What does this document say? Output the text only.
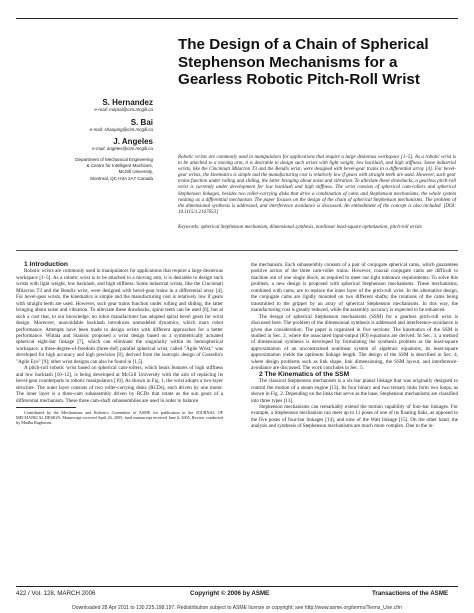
The Design of a Chain of Spherical Stephenson Mechanisms for a Gearless Robotic Pitch-Roll Wrist
S. Hernandez
e-mail: meptal@cim.mcgill.ca
S. Bai
e-mail: shaoping@cim.mcgill.ca
J. Angeles
e-mail: angeles@cim.mcgill.ca
Department of Mechanical Engineering
& Centre for Intelligent Machines,
McGill University,
Montreal, QC H3A 2A7 Canada
Robotic wrists are commonly used in manipulators for applications that require a large dexterous workspace [1–5]. As a robotic wrist is to be attached to a moving arm, it is desirable to design such wrists with light weight, low backlash, and high stiffness. Some industrial wrists, like the Cincinnati Milacron T3 and the Bendix wrist, were designed with bevel-gear trains in a differential array [4]. For bevel-gear wrists, the kinematics is simple and the manufacturing cost is relatively low if gears with straight teeth are used. However, such gear trains function under rolling and sliding, the latter bringing about noise and vibration. To alleviate these drawbacks, a gearless pitch-roll wrist is currently under development for low backlash and high stiffness. The wrist consists of spherical cam-rollers and spherical Stephenson linkages, besides two roller-carrying disks that drive a combination of cams and Stephenson mechanisms, the whole system rotating as a differential mechanism. The paper focuses on the design of the chain of spherical Stephenson mechanisms. The problem of the dimensional synthesis is addressed, and interference avoidance is discussed. An embodiment of the concept is also included. [DOI: 10.1115/1.2167653]
Keywords: spherical Stephenson mechanism, dimensional synthesis, nonlinear least-square optimization, pitch-roll wrists

1 Introduction

Robotic wrists are commonly used in manipulators for applications that require a large dexterous workspace [1–5]. As a robotic wrist is to be attached to a moving arm, it is desirable to design such wrists with light weight, low backlash, and high stiffness. Some industrial wrists, like the Cincinnati Milacron T3 and the Bendix wrist, were designed with bevel-gear trains in a differential array [4]. For bevel-gear wrists, the kinematics is simple and the manufacturing cost is relatively low if gears with straight teeth are used. However, such gear trains function under rolling and sliding, the latter bringing about noise and vibration. To alleviate these drawbacks, spiral teeth can be used [6], but at such a cost that, to our knowledge, no robot manufacturer has adopted spiral bevel gears for wrist design. Moreover, unavoidable backlash introduces unmodeled dynamics, which mars robot performance. Attempts have been made to design wrists with different approaches for a better performance. Wiitala and Stanisic proposed a wrist design based on a symmetrically actuated spherical eight-bar linkage [7], which can eliminate the singularity within its hemispherical workspace; a three-degree-of-freedom (three-dof) parallel spherical wrist, called "Agile Wrist," was developed for high accuracy and high precision [8], derived from the isotropic design of Gosselin's "Agile Eye" [9]; other wrist designs can also be found in [1,5].

A pitch-roll robotic wrist based on spherical cam-rollers, which bears features of high stiffness and low backlash [10–12], is being developed at McGill University with the aim of replacing its bevel-gear counterparts in robotic manipulators [10]. As shown in Fig. 1, the wrist adopts a two-layer structure. The outer layer consists of two roller-carrying disks (RCDs), each driven by one motor. The inner layer is a three-cam subassembly driven by RCDs that rotate as the sun gears of a differential mechanism. These three cam-shaft subassemblies are used in order to balance

Contributed by the Mechanisms and Robotics Committee of ASME for publication in the JOURNAL OF MECHANICAL DESIGN. Manuscript received April 26, 2005; final manuscript received June 6, 2005. Review conducted by Madhu Raghavan.

the mechanism. Each subassembly consists of a pair of conjugate spherical cams, which guarantees positive action of the three cam-roller trains. However, coaxial conjugate cams are difficult to machine out of one single block, as required to meet our tight tolerance requirements. To solve this problem, a new design is proposed with spherical Stephenson mechanisms. These mechanisms, combined with cams, are to replace the inner layer of the pitch-roll wrist. In the alternative design, the conjugate cams are rigidly mounted on two different shafts; the rotations of the cams being transmitted to the gripper by an array of spherical Stephenson mechanisms. In this way, the manufacturing cost is greatly reduced, while the assembly accuracy is expected to be enhanced.

The design of spherical Stephenson mechanisms (SSM) for a gearless pitch-roll wrist is discussed here. The problem of the dimensional synthesis is addressed and interference-avoidance is given due consideration. The paper is organized in five sections: The kinematics of the SSM is studied in Sec. 2, where the associated input-output (IO) equations are derived. In Sec. 3, a method of dimensional synthesis is developed by formulating the synthesis problem as the least-square approximation of an unconstrained nonlinear system of algebraic equations; its least-square approximation yields the optimum linkage length. The design of the SSM is described in Sec. 4, where design problems such as link shape, link dimensioning, the SSM layout, and interference-avoidance are discussed. The work concludes in Sec. 5.

2 The Kinematics of the SSM

The classical Stephenson mechanism is a six-bar planar linkage that was originally designed to control the motion of a steam engine [13]. Its four binary and two ternary links form two loops, as shown in Fig. 2. Depending on the links that serve as the base, Stephenson mechanisms are classified into three types [13].

Stephenson mechanisms can remarkably extend the motion capability of four-bar linkages. For example, a Stephenson mechanism can meet up to 11 poses of one of its floating links, as opposed to the five poses of four-bar linkages [14], and nine of the Watt linkage [15]. On the other hand, the analysis and synthesis of Stephenson mechanisms are much more complex. Due to the in-

422 / Vol. 128, MARCH 2006	Copyright © 2006 by ASME	Transactions of the ASME
Downloaded 28 Apr 2011 to 130.225.198.197. Redistribution subject to ASME license or copyright; see http://www.asme.org/terms/Terms_Use.cfm
